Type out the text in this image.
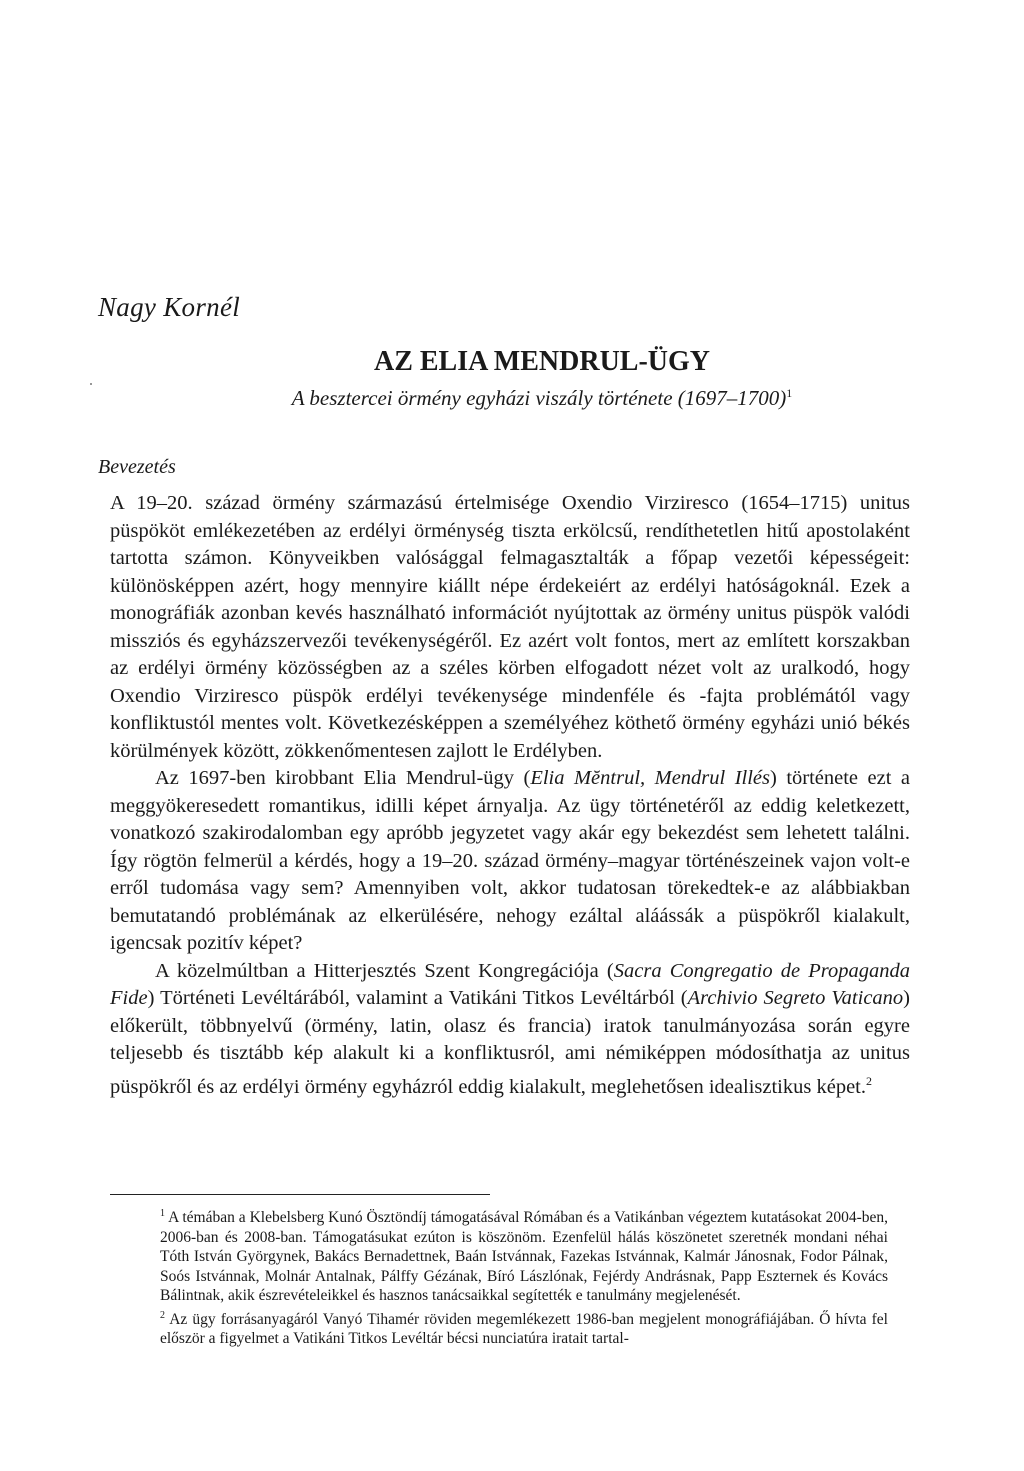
Nagy Kornél
AZ ELIA MENDRUL-ÜGY
A besztercei örmény egyházi viszály története (1697–1700)$^1$
Bevezetés

A 19–20. század örmény származású értelmisége Oxendio Virziresco (1654–1715) unitus püspököt emlékezetében az erdélyi örménység tiszta erkölcsű, rendíthetetlen hitű apostolaként tartotta számon. Könyveikben valósággal felmagasztalták a főpap vezetői képességeit: különösképpen azért, hogy mennyire kiállt népe érdekeiért az erdélyi hatóságoknál. Ezek a monográfiák azonban kevés használható információt nyújtottak az örmény unitus püspök valódi missziós és egyházszervezői tevékenységéről. Ez azért volt fontos, mert az említett korszakban az erdélyi örmény közösségben az a széles körben elfogadott nézet volt az uralkodó, hogy Oxendio Virziresco püspök erdélyi tevékenysége mindenféle és -fajta problémától vagy konfliktustól mentes volt. Következésképpen a személyéhez köthető örmény egyházi unió békés körülmények között, zökkenőmentesen zajlott le Erdélyben.

Az 1697-ben kirobbant Elia Mendrul-ügy (Elia Mĕntrul, Mendrul Illés) története ezt a meggyökeresedett romantikus, idilli képet árnyalja. Az ügy történetéről az eddig keletkezett, vonatkozó szakirodalomban egy apróbb jegyzetet vagy akár egy bekezdést sem lehetett találni. Így rögtön felmerül a kérdés, hogy a 19–20. század örmény–magyar történészeinek vajon volt-e erről tudomása vagy sem? Amennyiben volt, akkor tudatosan törekedtek-e az alábbiakban bemutatandó problémának az elkerülésére, nehogy ezáltal aláássák a püspökről kialakult, igencsak pozitív képet?

A közelmúltban a Hitterjesztés Szent Kongregációja (Sacra Congregatio de Propaganda Fide) Történeti Levéltárából, valamint a Vatikáni Titkos Levéltárból (Archivio Segreto Vaticano) előkerült, többnyelvű (örmény, latin, olasz és francia) iratok tanulmányozása során egyre teljesebb és tisztább kép alakult ki a konfliktusról, ami némiképpen módosíthatja az unitus püspökről és az erdélyi örmény egyházról eddig kialakult, meglehetősen idealisztikus képet.$^2$

$^1$ A témában a Klebelsberg Kunó Ösztöndíj támogatásával Rómában és a Vatikánban végeztem kutatásokat 2004-ben, 2006-ban és 2008-ban. Támogatásukat ezúton is köszönöm. Ezenfelül hálás köszönetet szeretnék mondani néhai Tóth István Györgynek, Bakács Bernadettnek, Baán Istvánnak, Fazekas Istvánnak, Kalmár Jánosnak, Fodor Pálnak, Soós Istvánnak, Molnár Antalnak, Pálffy Gézának, Bíró Lászlónak, Fejérdy Andrásnak, Papp Eszternek és Kovács Bálintnak, akik észrevételeikkel és hasznos tanácsaikkal segítették e tanulmány megjelenését.

$^2$ Az ügy forrásanyagáról Vanyó Tihamér röviden megemlékezett 1986-ban megjelent monográfiájában. Ő hívta fel először a figyelmet a Vatikáni Titkos Levéltár bécsi nunciatúra iratait tartal-
